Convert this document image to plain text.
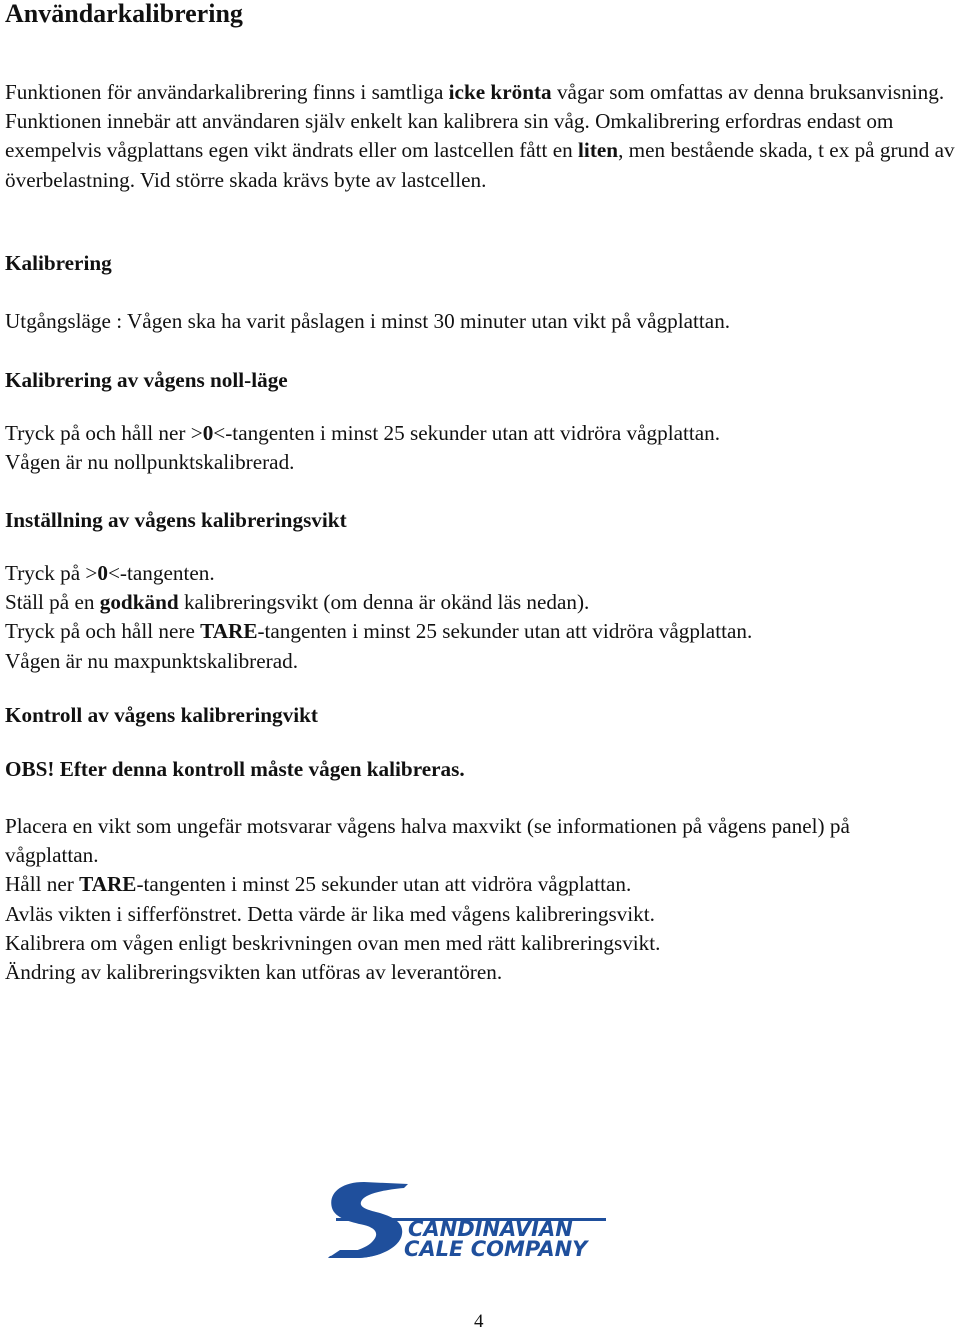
Användarkalibrering

Funktionen för användarkalibrering finns i samtliga icke krönta vågar som omfattas av denna bruksanvisning. Funktionen innebär att användaren själv enkelt kan kalibrera sin våg. Omkalibrering erfordras endast om exempelvis vågplattans egen vikt ändrats eller om lastcellen fått en liten, men bestående skada, t ex på grund av överbelastning. Vid större skada krävs byte av lastcellen.

Kalibrering

Utgångsläge : Vågen ska ha varit påslagen i minst 30 minuter utan vikt på vågplattan.

Kalibrering av vågens noll-läge

Tryck på och håll ner >0<-tangenten i minst 25 sekunder utan att vidröra vågplattan.

Vågen är nu nollpunktskalibrerad.

Inställning av vågens kalibreringsvikt

Tryck på >0<-tangenten.

Ställ på en godkänd kalibreringsvikt (om denna är okänd läs nedan).

Tryck på och håll nere TARE-tangenten i minst 25 sekunder utan att vidröra vågplattan.

Vågen är nu maxpunktskalibrerad.

Kontroll av vågens kalibreringvikt
OBS! Efter denna kontroll måste vågen kalibreras.

Placera en vikt som ungefär motsvarar vågens halva maxvikt (se informationen på vågens panel) på vågplattan.

Håll ner TARE-tangenten i minst 25 sekunder utan att vidröra vågplattan.

Avläs vikten i sifferfönstret. Detta värde är lika med vågens kalibreringsvikt.

Kalibrera om vågen enligt beskrivningen ovan men med rätt kalibreringsvikt.

Ändring av kalibreringsvikten kan utföras av leverantören.

CANDINAVIAN
CALE COMPANY
4
